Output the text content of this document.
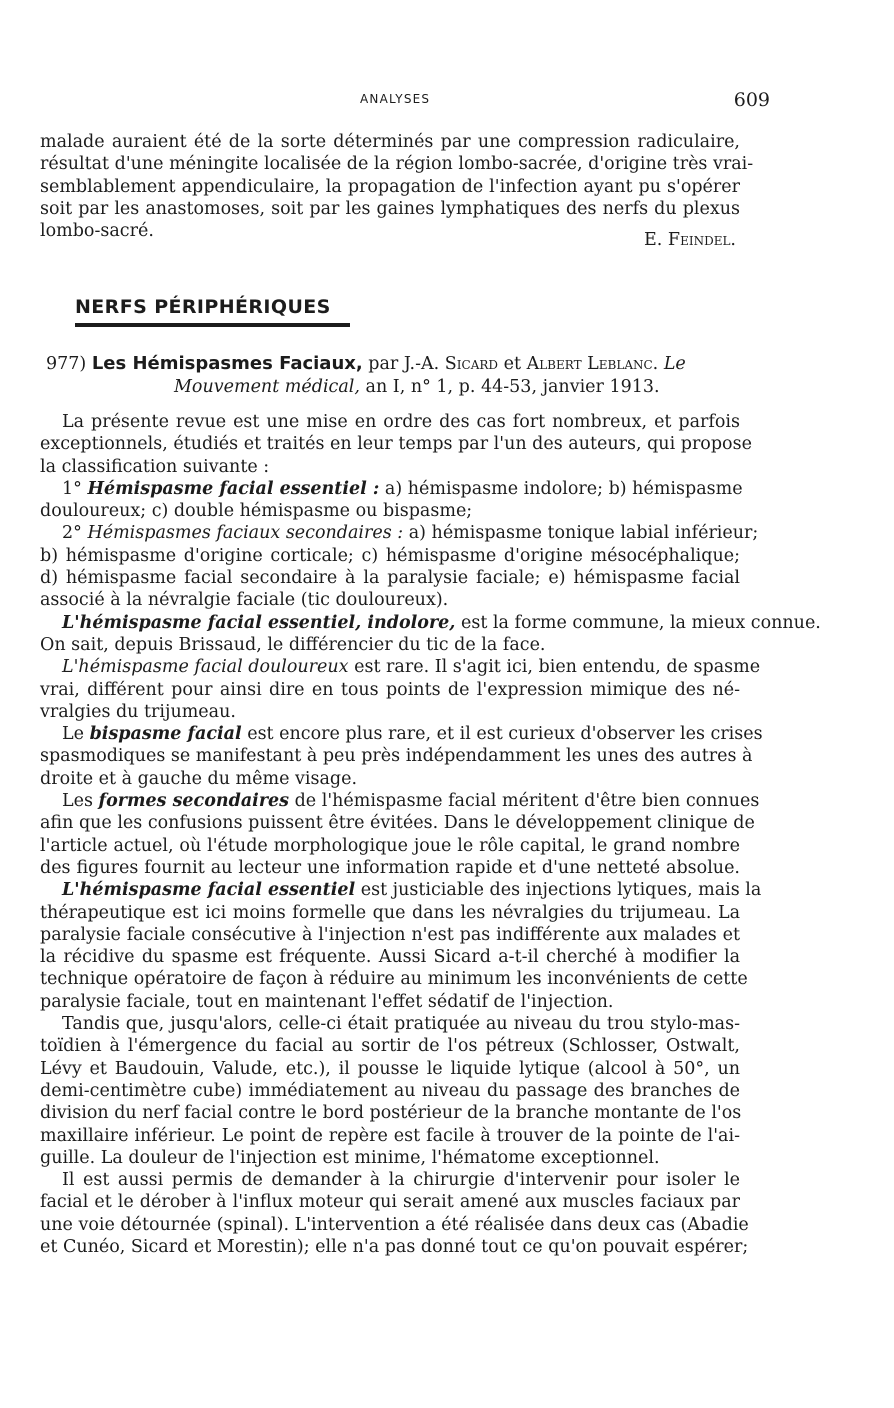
ANALYSES	609
malade auraient été de la sorte déterminés par une compression radiculaire,
résultat d'une méningite localisée de la région lombo-sacrée, d'origine très vrai-
semblablement appendiculaire, la propagation de l'infection ayant pu s'opérer
soit par les anastomoses, soit par les gaines lymphatiques des nerfs du plexus
lombo-sacré.	E. Feindel.
NERFS PÉRIPHÉRIQUES
977) Les Hémispasmes Faciaux, par J.-A. Sicard et Albert Leblanc. Le
Mouvement médical, an I, n° 1, p. 44-53, janvier 1913.
La présente revue est une mise en ordre des cas fort nombreux, et parfois
exceptionnels, étudiés et traités en leur temps par l'un des auteurs, qui propose
la classification suivante :
1° Hémispasme facial essentiel : a) hémispasme indolore; b) hémispasme
douloureux; c) double hémispasme ou bispasme;
2° Hémispasmes faciaux secondaires : a) hémispasme tonique labial inférieur;
b) hémispasme d'origine corticale; c) hémispasme d'origine mésocéphalique;
d) hémispasme facial secondaire à la paralysie faciale; e) hémispasme facial
associé à la névralgie faciale (tic douloureux).
L'hémispasme facial essentiel, indolore, est la forme commune, la mieux connue.
On sait, depuis Brissaud, le différencier du tic de la face.
L'hémispasme facial douloureux est rare. Il s'agit ici, bien entendu, de spasme
vrai, différent pour ainsi dire en tous points de l'expression mimique des né-
vralgies du trijumeau.
Le bispasme facial est encore plus rare, et il est curieux d'observer les crises
spasmodiques se manifestant à peu près indépendamment les unes des autres à
droite et à gauche du même visage.
Les formes secondaires de l'hémispasme facial méritent d'être bien connues
afin que les confusions puissent être évitées. Dans le développement clinique de
l'article actuel, où l'étude morphologique joue le rôle capital, le grand nombre
des figures fournit au lecteur une information rapide et d'une netteté absolue.
L'hémispasme facial essentiel est justiciable des injections lytiques, mais la
thérapeutique est ici moins formelle que dans les névralgies du trijumeau. La
paralysie faciale consécutive à l'injection n'est pas indifférente aux malades et
la récidive du spasme est fréquente. Aussi Sicard a-t-il cherché à modifier la
technique opératoire de façon à réduire au minimum les inconvénients de cette
paralysie faciale, tout en maintenant l'effet sédatif de l'injection.
Tandis que, jusqu'alors, celle-ci était pratiquée au niveau du trou stylo-mas-
toïdien à l'émergence du facial au sortir de l'os pétreux (Schlosser, Ostwalt,
Lévy et Baudouin, Valude, etc.), il pousse le liquide lytique (alcool à 50°, un
demi-centimètre cube) immédiatement au niveau du passage des branches de
division du nerf facial contre le bord postérieur de la branche montante de l'os
maxillaire inférieur. Le point de repère est facile à trouver de la pointe de l'ai-
guille. La douleur de l'injection est minime, l'hématome exceptionnel.
Il est aussi permis de demander à la chirurgie d'intervenir pour isoler le
facial et le dérober à l'influx moteur qui serait amené aux muscles faciaux par
une voie détournée (spinal). L'intervention a été réalisée dans deux cas (Abadie
et Cunéo, Sicard et Morestin); elle n'a pas donné tout ce qu'on pouvait espérer;
